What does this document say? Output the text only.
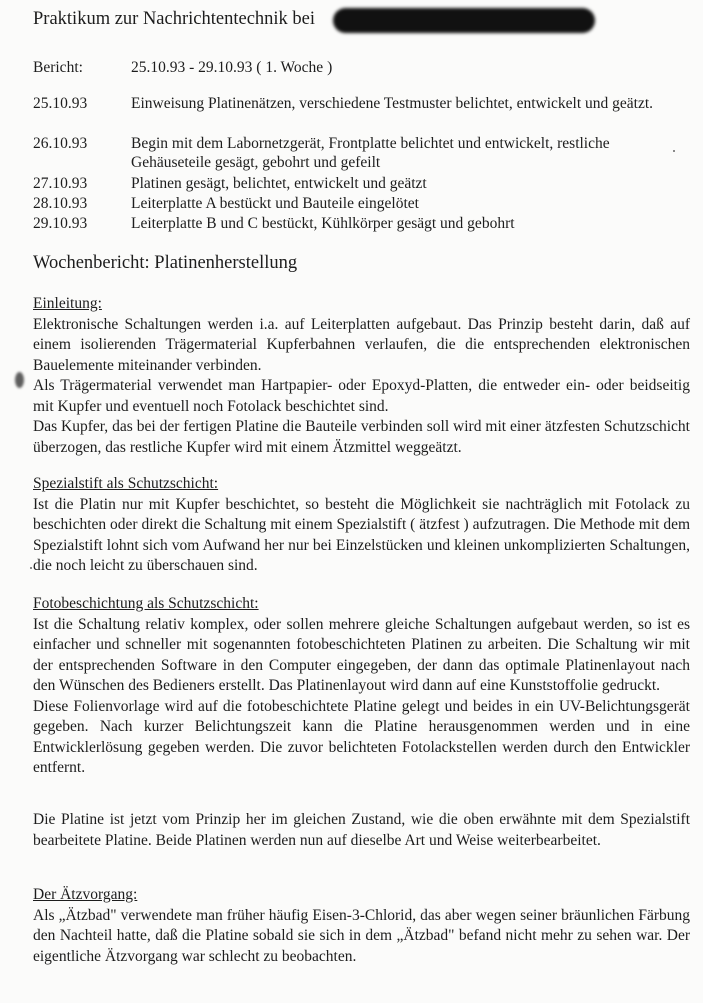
Praktikum zur Nachrichtentechnik bei
Bericht:	25.10.93 - 29.10.93 ( 1. Woche )
25.10.93	Einweisung Platinenätzen, verschiedene Testmuster belichtet, entwickelt und geätzt.
26.10.93	Begin mit dem Labornetzgerät, Frontplatte belichtet und entwickelt, restliche Gehäuseteile gesägt, gebohrt und gefeilt
27.10.93	Platinen gesägt, belichtet, entwickelt und geätzt
28.10.93	Leiterplatte A bestückt und Bauteile eingelötet
29.10.93	Leiterplatte B und C bestückt, Kühlkörper gesägt und gebohrt
Wochenbericht: Platinenherstellung
Einleitung:

Elektronische Schaltungen werden i.a. auf Leiterplatten aufgebaut. Das Prinzip besteht darin, daß auf einem isolierenden Trägermaterial Kupferbahnen verlaufen, die die entsprechenden elektronischen Bauelemente miteinander verbinden.

Als Trägermaterial verwendet man Hartpapier- oder Epoxyd-Platten, die entweder ein- oder beidseitig mit Kupfer und eventuell noch Fotolack beschichtet sind.

Das Kupfer, das bei der fertigen Platine die Bauteile verbinden soll wird mit einer ätzfesten Schutzschicht überzogen, das restliche Kupfer wird mit einem Ätzmittel weggeätzt.

Spezialstift als Schutzschicht:

Ist die Platin nur mit Kupfer beschichtet, so besteht die Möglichkeit sie nachträglich mit Fotolack zu beschichten oder direkt die Schaltung mit einem Spezialstift ( ätzfest ) aufzutragen. Die Methode mit dem Spezialstift lohnt sich vom Aufwand her nur bei Einzelstücken und kleinen unkomplizierten Schaltungen, die noch leicht zu überschauen sind.

Fotobeschichtung als Schutzschicht:

Ist die Schaltung relativ komplex, oder sollen mehrere gleiche Schaltungen aufgebaut werden, so ist es einfacher und schneller mit sogenannten fotobeschichteten Platinen zu arbeiten. Die Schaltung wir mit der entsprechenden Software in den Computer eingegeben, der dann das optimale Platinenlayout nach den Wünschen des Bedieners erstellt. Das Platinenlayout wird dann auf eine Kunststoffolie gedruckt.

Diese Folienvorlage wird auf die fotobeschichtete Platine gelegt und beides in ein UV-Belichtungsgerät gegeben. Nach kurzer Belichtungszeit kann die Platine herausgenommen werden und in eine Entwicklerlösung gegeben werden. Die zuvor belichteten Fotolackstellen werden durch den Entwickler entfernt.

Die Platine ist jetzt vom Prinzip her im gleichen Zustand, wie die oben erwähnte mit dem Spezialstift bearbeitete Platine. Beide Platinen werden nun auf dieselbe Art und Weise weiterbearbeitet.

Der Ätzvorgang:

Als „Ätzbad" verwendete man früher häufig Eisen-3-Chlorid, das aber wegen seiner bräunlichen Färbung den Nachteil hatte, daß die Platine sobald sie sich in dem „Ätzbad" befand nicht mehr zu sehen war. Der eigentliche Ätzvorgang war schlecht zu beobachten.
